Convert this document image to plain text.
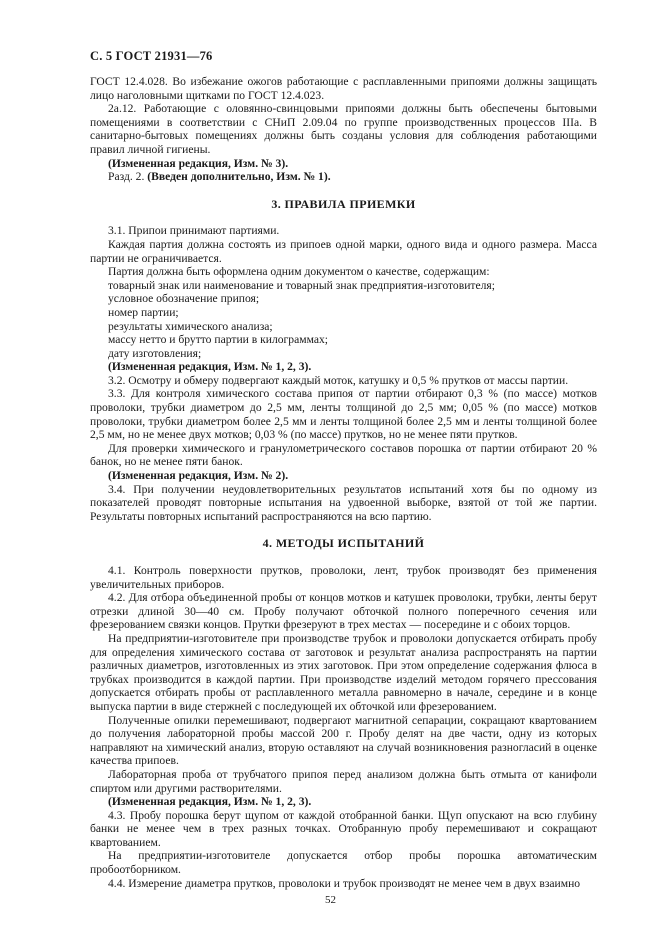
С. 5 ГОСТ 21931—76

ГОСТ 12.4.028. Во избежание ожогов работающие с расплавленными припоями должны защищать лицо наголовными щитками по ГОСТ 12.4.023.

2а.12. Работающие с оловянно-свинцовыми припоями должны быть обеспечены бытовыми помещениями в соответствии с СНиП 2.09.04 по группе производственных процессов IIIа. В санитарно-бытовых помещениях должны быть созданы условия для соблюдения работающими правил личной гигиены.

(Измененная редакция, Изм. № 3).

Разд. 2. (Введен дополнительно, Изм. № 1).

3. ПРАВИЛА ПРИЕМКИ

3.1. Припои принимают партиями.

Каждая партия должна состоять из припоев одной марки, одного вида и одного размера. Масса партии не ограничивается.

Партия должна быть оформлена одним документом о качестве, содержащим:

товарный знак или наименование и товарный знак предприятия-изготовителя;

условное обозначение припоя;

номер партии;

результаты химического анализа;

массу нетто и брутто партии в килограммах;

дату изготовления;

(Измененная редакция, Изм. № 1, 2, 3).

3.2. Осмотру и обмеру подвергают каждый моток, катушку и 0,5 % прутков от массы партии.

3.3. Для контроля химического состава припоя от партии отбирают 0,3 % (по массе) мотков проволоки, трубки диаметром до 2,5 мм, ленты толщиной до 2,5 мм; 0,05 % (по массе) мотков проволоки, трубки диаметром более 2,5 мм и ленты толщиной более 2,5 мм и ленты толщиной более 2,5 мм, но не менее двух мотков; 0,03 % (по массе) прутков, но не менее пяти прутков.

Для проверки химического и гранулометрического составов порошка от партии отбирают 20 % банок, но не менее пяти банок.

(Измененная редакция, Изм. № 2).

3.4. При получении неудовлетворительных результатов испытаний хотя бы по одному из показателей проводят повторные испытания на удвоенной выборке, взятой от той же партии. Результаты повторных испытаний распространяются на всю партию.

4. МЕТОДЫ ИСПЫТАНИЙ

4.1. Контроль поверхности прутков, проволоки, лент, трубок производят без применения увеличительных приборов.

4.2. Для отбора объединенной пробы от концов мотков и катушек проволоки, трубки, ленты берут отрезки длиной 30—40 см. Пробу получают обточкой полного поперечного сечения или фрезерованием связки концов. Прутки фрезеруют в трех местах — посередине и с обоих торцов.

На предприятии-изготовителе при производстве трубок и проволоки допускается отбирать пробу для определения химического состава от заготовок и результат анализа распространять на партии различных диаметров, изготовленных из этих заготовок. При этом определение содержания флюса в трубках производится в каждой партии. При производстве изделий методом горячего прессования допускается отбирать пробы от расплавленного металла равномерно в начале, середине и в конце выпуска партии в виде стержней с последующей их обточкой или фрезерованием.

Полученные опилки перемешивают, подвергают магнитной сепарации, сокращают квартованием до получения лабораторной пробы массой 200 г. Пробу делят на две части, одну из которых направляют на химический анализ, вторую оставляют на случай возникновения разногласий в оценке качества припоев.

Лабораторная проба от трубчатого припоя перед анализом должна быть отмыта от канифоли спиртом или другими растворителями.

(Измененная редакция, Изм. № 1, 2, 3).

4.3. Пробу порошка берут щупом от каждой отобранной банки. Щуп опускают на всю глубину банки не менее чем в трех разных точках. Отобранную пробу перемешивают и сокращают квартованием.

На предприятии-изготовителе допускается отбор пробы порошка автоматическим пробоотборником.

4.4. Измерение диаметра прутков, проволоки и трубок производят не менее чем в двух взаимно

52
